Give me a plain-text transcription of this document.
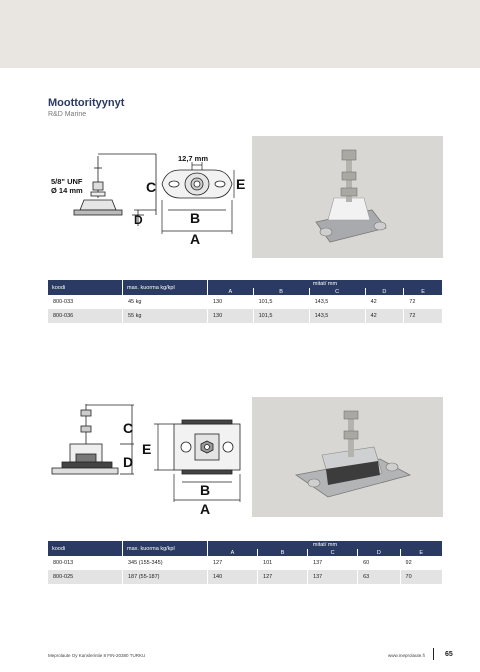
Moottorityynyt
R&D Marine
5/8" UNF
Ø 14 mm	C
D
12,7 mm
E
B
A
koodi	max. kuorma kg/kpl	mitat/ mm				
		A	B	C	D	E
800-033	45 kg	130	101,5	143,5	42	72
800-036	55 kg	130	101,5	143,5	42	72
C
D
E
B
A
koodi	max. kuorma kg/kpl	mitat/ mm				
		A	B	C	D	E
800-013	345 (155-345)	127	101	137	60	92
800-025	187 (55-187)	140	127	137	63	70
Meprolaute Oy Kanslerintie 8 FIN-20380 TURKU	www.meprolaute.fi	65
